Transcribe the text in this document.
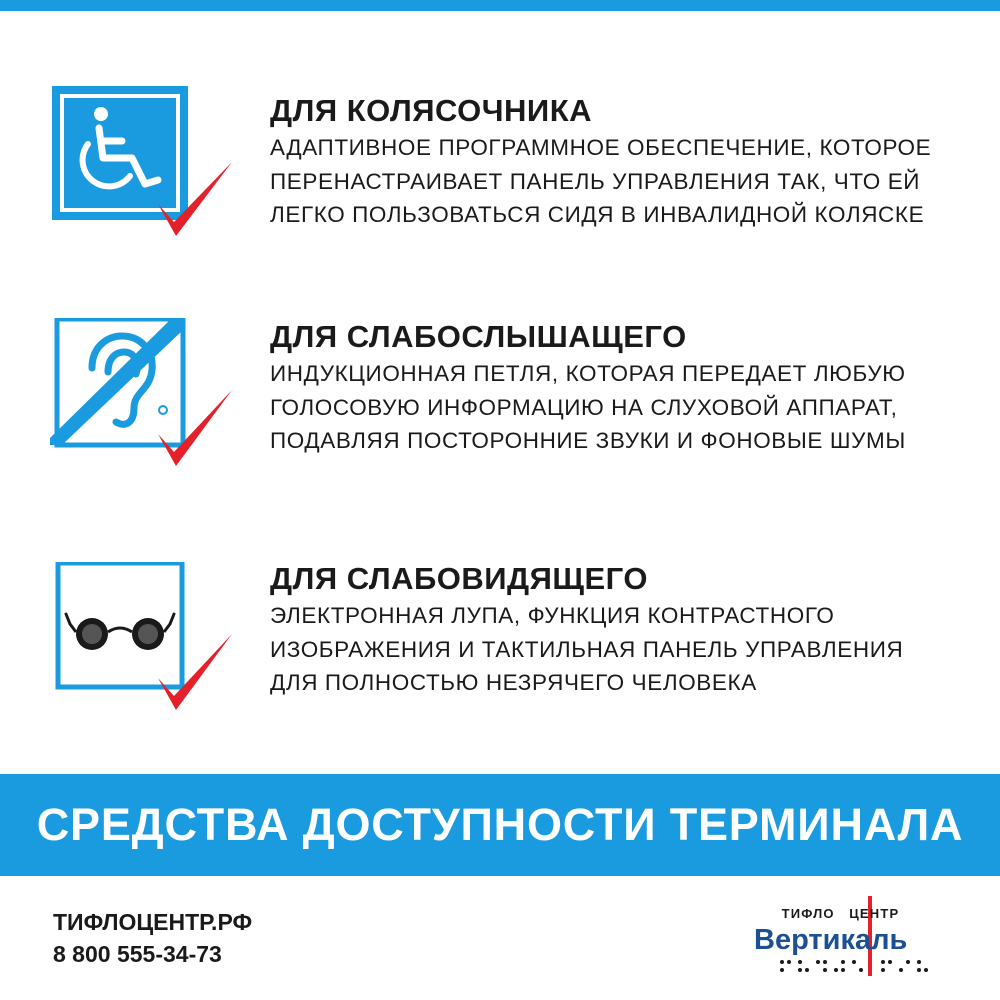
ДЛЯ КОЛЯСОЧНИКА

АДАПТИВНОЕ ПРОГРАММНОЕ ОБЕСПЕЧЕНИЕ, КОТОРОЕ
ПЕРЕНАСТРАИВАЕТ ПАНЕЛЬ УПРАВЛЕНИЯ ТАК, ЧТО ЕЙ
ЛЕГКО ПОЛЬЗОВАТЬСЯ СИДЯ В ИНВАЛИДНОЙ КОЛЯСКЕ

ДЛЯ СЛАБОСЛЫШАЩЕГО

ИНДУКЦИОННАЯ ПЕТЛЯ, КОТОРАЯ ПЕРЕДАЕТ ЛЮБУЮ
ГОЛОСОВУЮ ИНФОРМАЦИЮ НА СЛУХОВОЙ АППАРАТ,
ПОДАВЛЯЯ ПОСТОРОННИЕ ЗВУКИ И ФОНОВЫЕ ШУМЫ

ДЛЯ СЛАБОВИДЯЩЕГО

ЭЛЕКТРОННАЯ ЛУПА, ФУНКЦИЯ КОНТРАСТНОГО
ИЗОБРАЖЕНИЯ И ТАКТИЛЬНАЯ ПАНЕЛЬ УПРАВЛЕНИЯ
ДЛЯ ПОЛНОСТЬЮ НЕЗРЯЧЕГО ЧЕЛОВЕКА

СРЕДСТВА ДОСТУПНОСТИ ТЕРМИНАЛА
ТИФЛОЦЕНТР.РФ
8 800 555-34-73
ТИФЛО ЦЕНТР
Вертикаль
